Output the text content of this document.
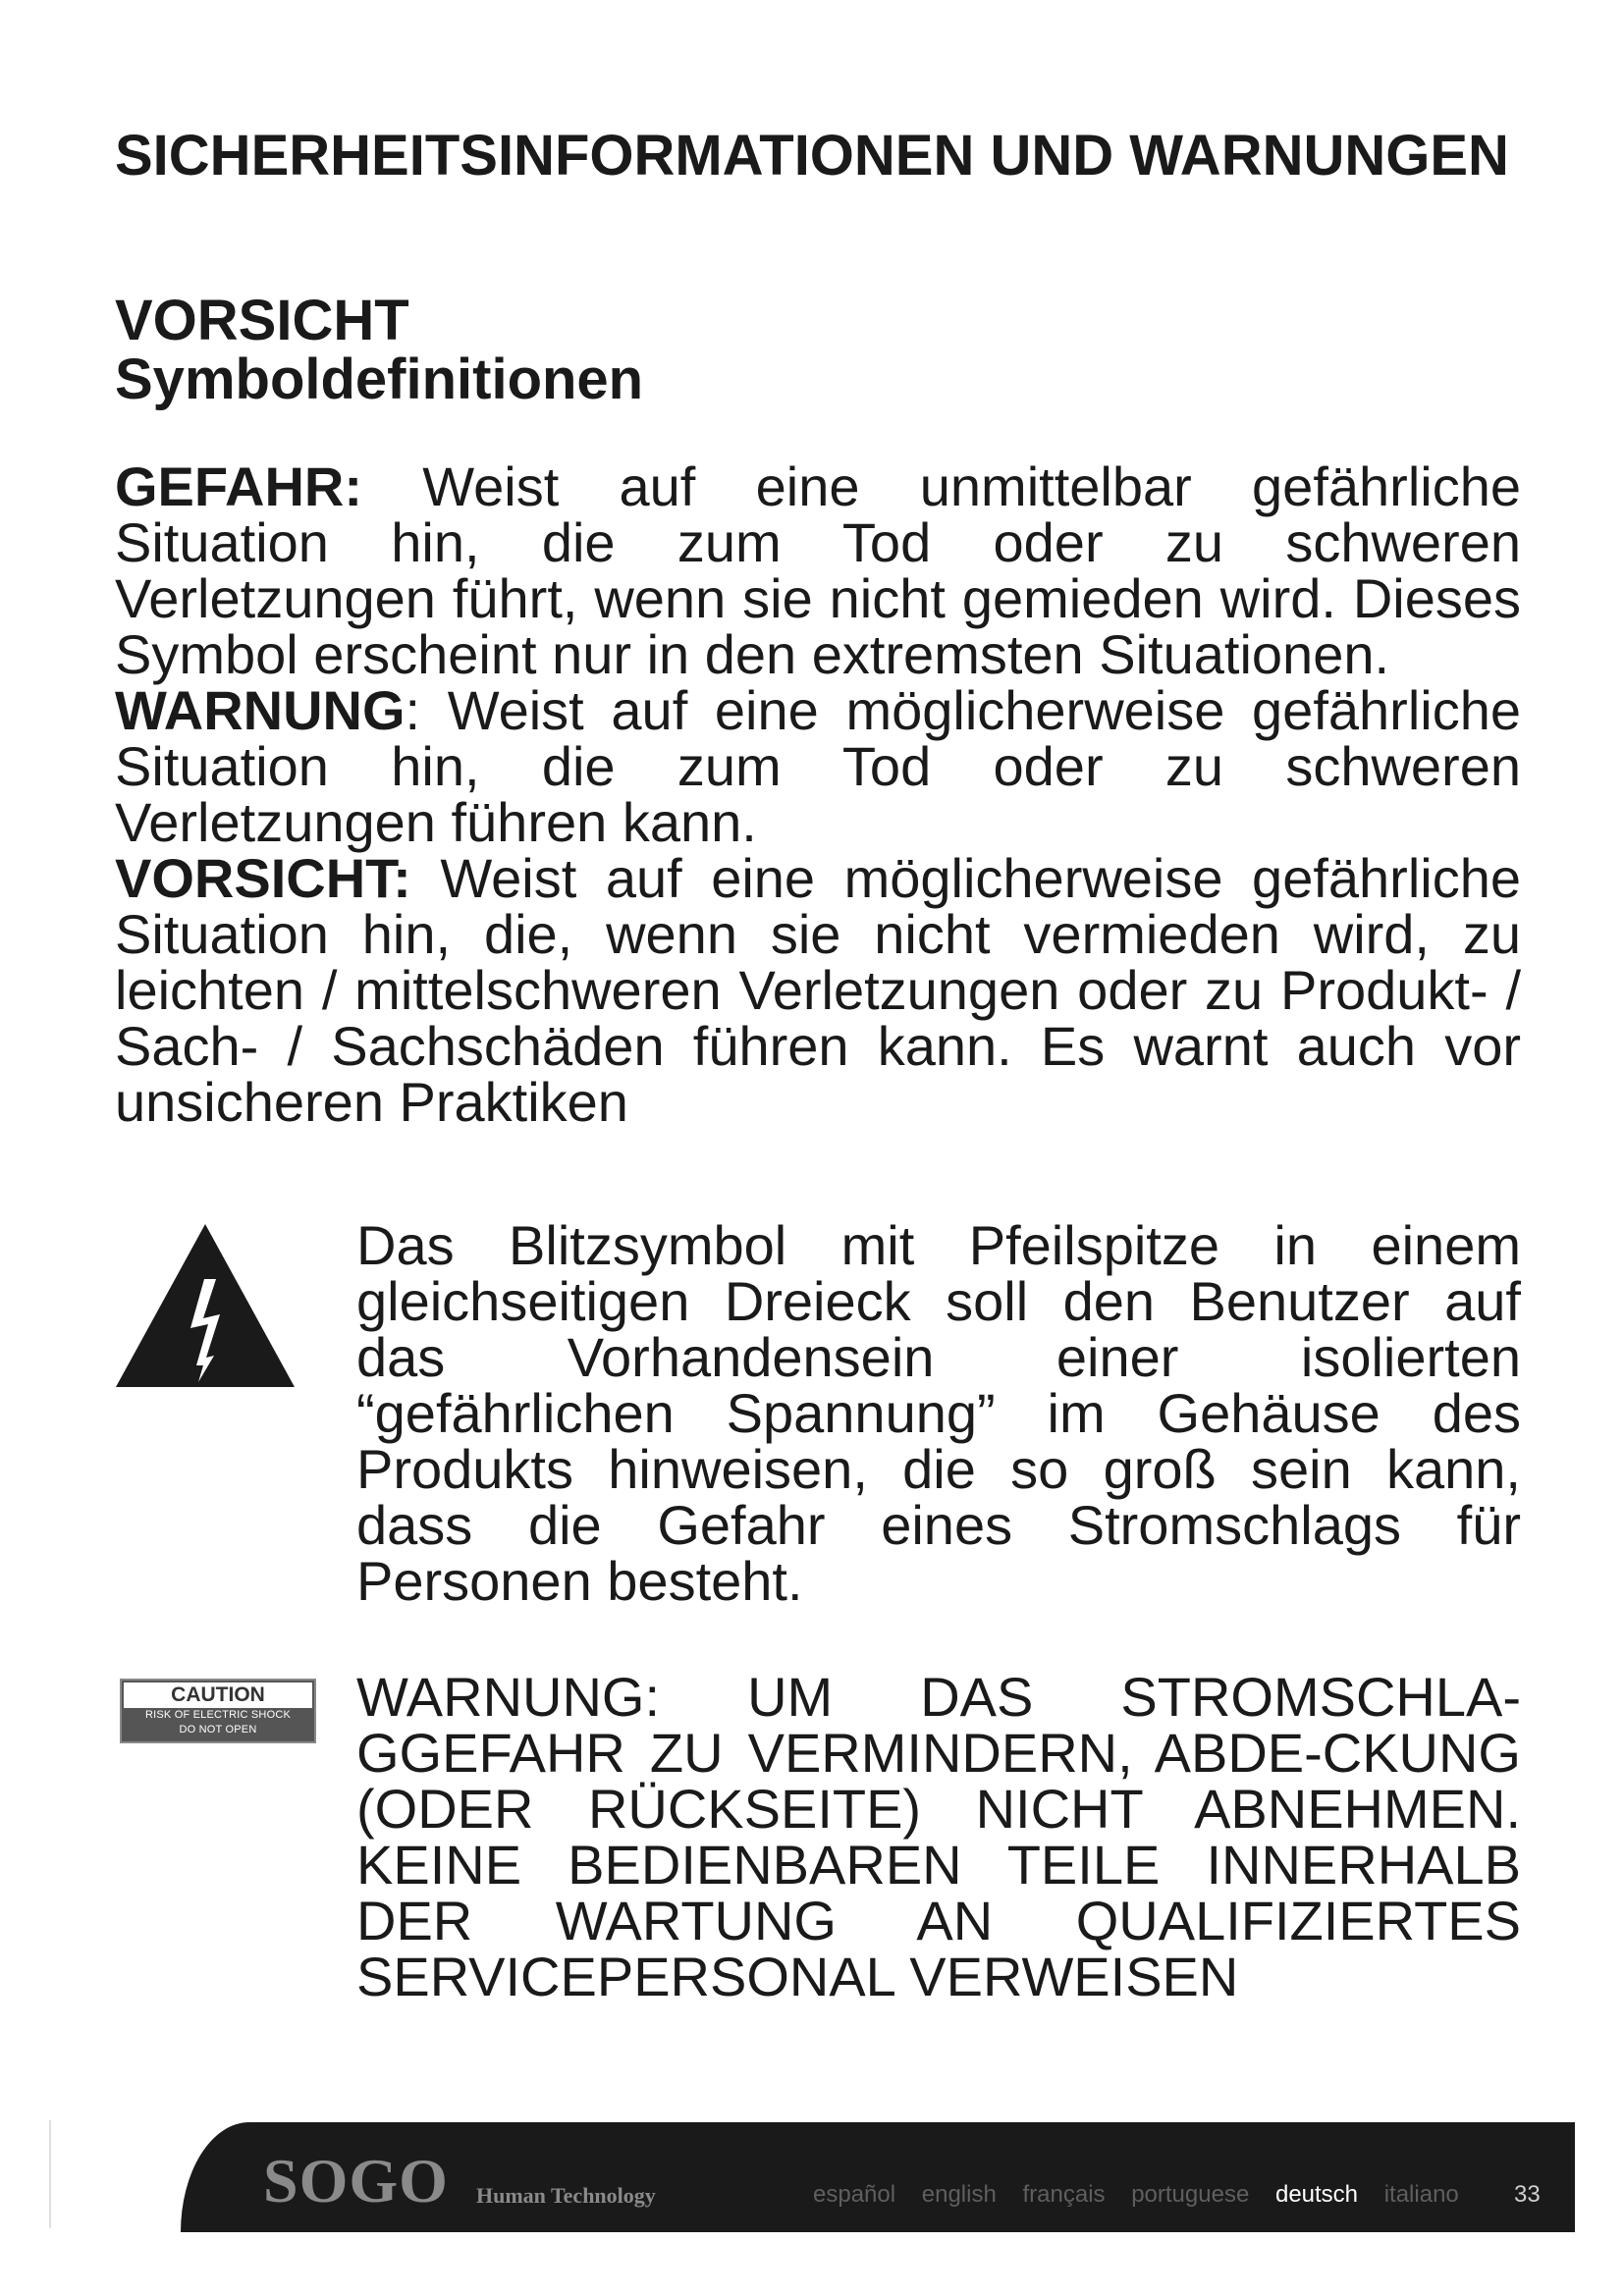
SICHERHEITSINFORMATIONEN UND WARNUNGEN
VORSICHT
Symboldefinitionen

GEFAHR: Weist auf eine unmittelbar gefährliche Situation hin, die zum Tod oder zu schweren Verletzungen führt, wenn sie nicht gemieden wird. Dieses Symbol erscheint nur in den extremsten Situationen.

WARNUNG: Weist auf eine möglicherweise gefährliche Situation hin, die zum Tod oder zu schweren Verletzungen führen kann.

VORSICHT: Weist auf eine möglicherweise gefährliche Situation hin, die, wenn sie nicht vermieden wird, zu leichten / mittelschweren Verletzungen oder zu Produkt- / Sach- / Sachschäden führen kann. Es warnt auch vor unsicheren Praktiken

Das Blitzsymbol mit Pfeilspitze in einem gleichseitigen Dreieck soll den Benutzer auf das Vorhandensein einer isolierten “gefährlichen Spannung” im Gehäuse des Produkts hinweisen, die so groß sein kann, dass die Gefahr eines Stromschlags für Personen besteht.

CAUTION
RISK OF ELECTRIC SHOCK
DO NOT OPEN

WARNUNG: UM DAS STROMSCHLA-GGEFAHR ZU VERMINDERN, ABDE-CKUNG (ODER RÜCKSEITE) NICHT ABNEHMEN. KEINE BEDIENBAREN TEILE INNERHALB DER WARTUNG AN QUALIFIZIERTES SERVICEPERSONAL VERWEISEN

SOGO Human Technology	español english français portuguese deutsch italiano	33
